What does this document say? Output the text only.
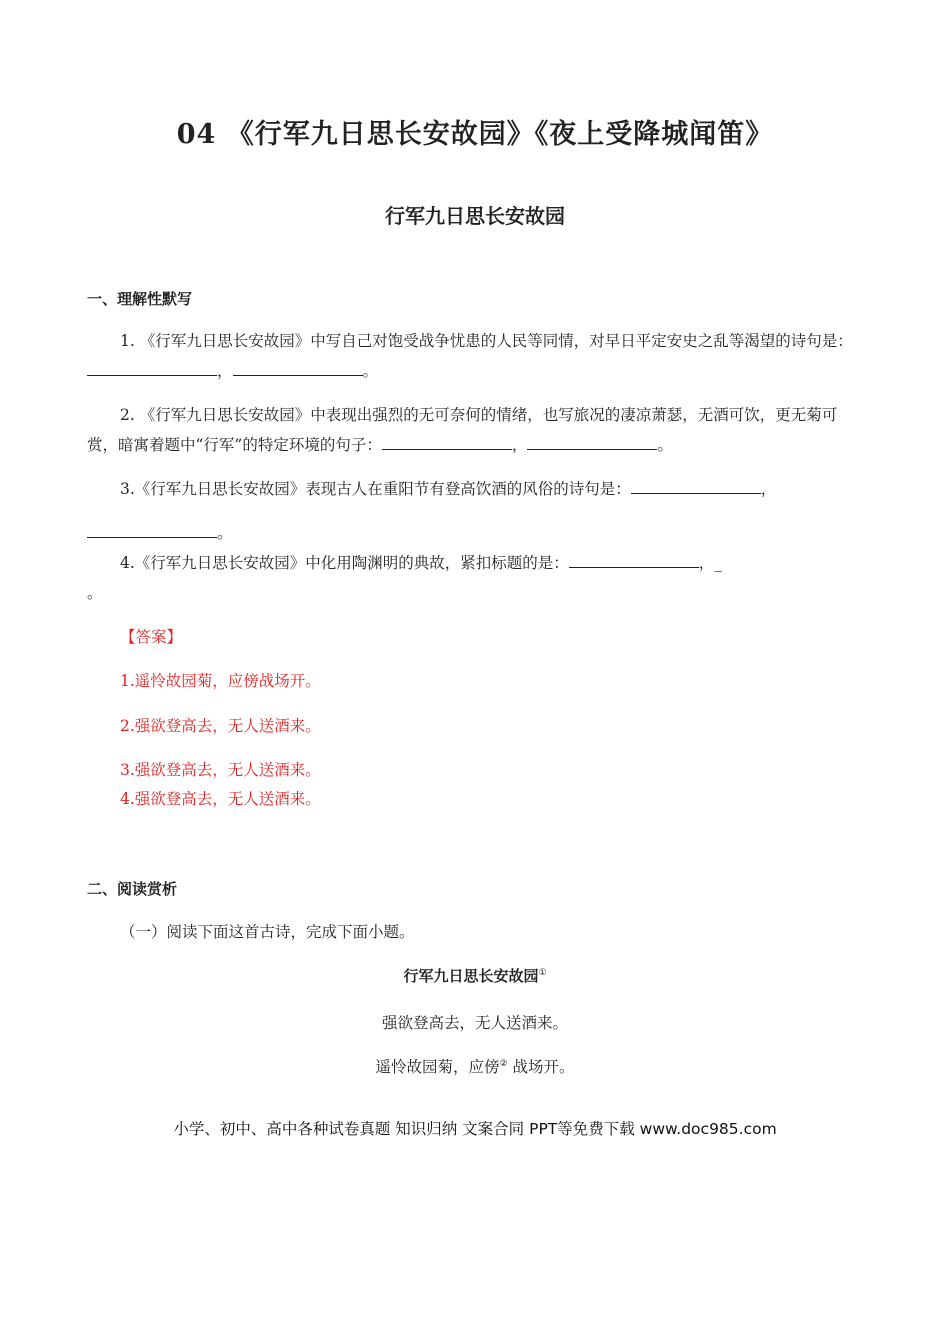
04 《行军九日思长安故园》《夜上受降城闻笛》
行军九日思长安故园
一、理解性默写
1. 《行军九日思长安故园》中写自己对饱受战争忧患的人民等同情，对早日平定安史之乱等渴望的诗句是：，	。
2. 《行军九日思长安故园》中表现出强烈的无可奈何的情绪，也写旅况的凄凉萧瑟，无酒可饮，更无菊可赏，暗寓着题中“行军”的特定环境的句子：	，	。
3.《行军九日思长安故园》表现古人在重阳节有登高饮酒的风俗的诗句是：	，
。
4.《行军九日思长安故园》中化用陶渊明的典故，紧扣标题的是：	，_
。
【答案】
1.遥怜故园菊，应傍战场开。
2.强欲登高去，无人送酒来。
3.强欲登高去，无人送酒来。
4.强欲登高去，无人送酒来。
二、阅读赏析
（一）阅读下面这首古诗，完成下面小题。
行军九日思长安故园①
强欲登高去，无人送酒来。
遥怜故园菊，应傍② 战场开。
小学、初中、高中各种试卷真题 知识归纳 文案合同 PPT等免费下载 www.doc985.com
